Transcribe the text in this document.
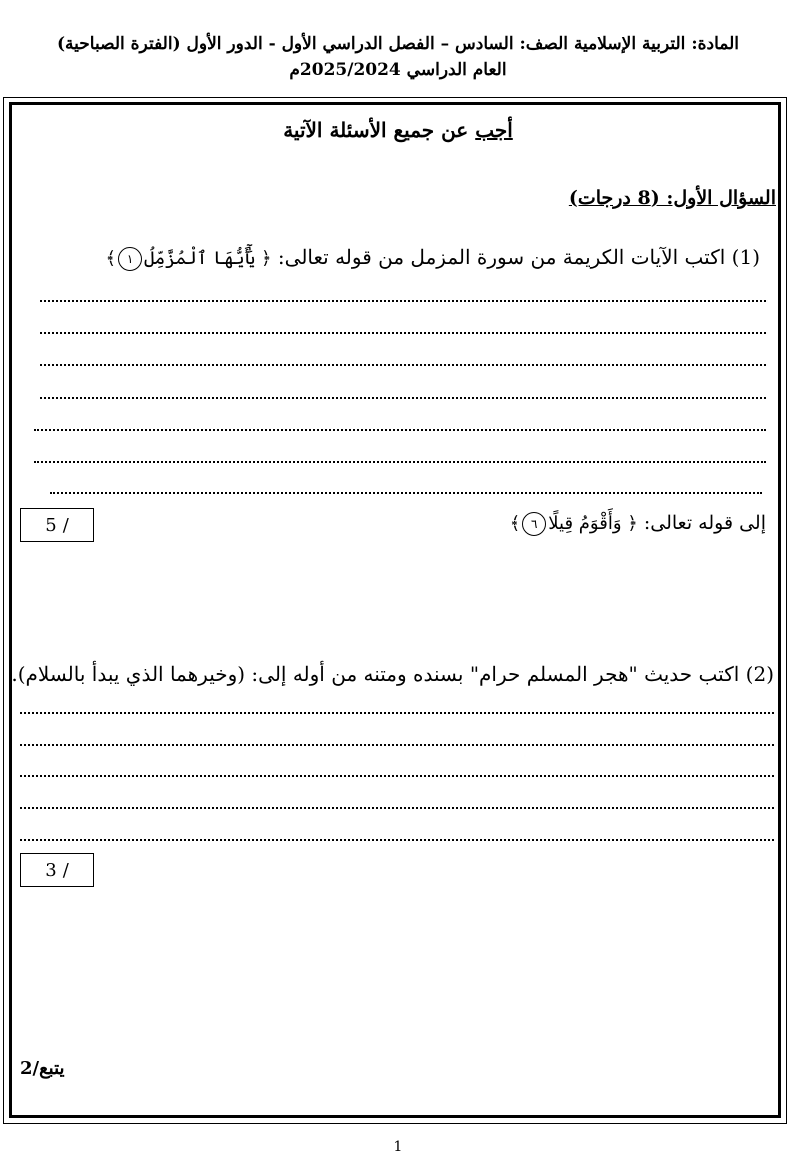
المادة: التربية الإسلامية الصف: السادس – الفصل الدراسي الأول - الدور الأول (الفترة الصباحية)
العام الدراسي 2025/2024م
أجب عن جميع الأسئلة الآتية
السؤال الأول: (8 درجات)
(1) اكتب الآيات الكريمة من سورة المزمل من قوله تعالى: ﴿ يَٰٓأَيُّهَا ٱلْمُزَّمِّلُ١﴾
5 /	إلى قوله تعالى: ﴿ وَأَقْوَمُ قِيلًا٦﴾
(2) اكتب حديث "هجر المسلم حرام" بسنده ومتنه من أوله إلى: (وخيرهما الذي يبدأ بالسلام).
3 /
يتبع/2
1
